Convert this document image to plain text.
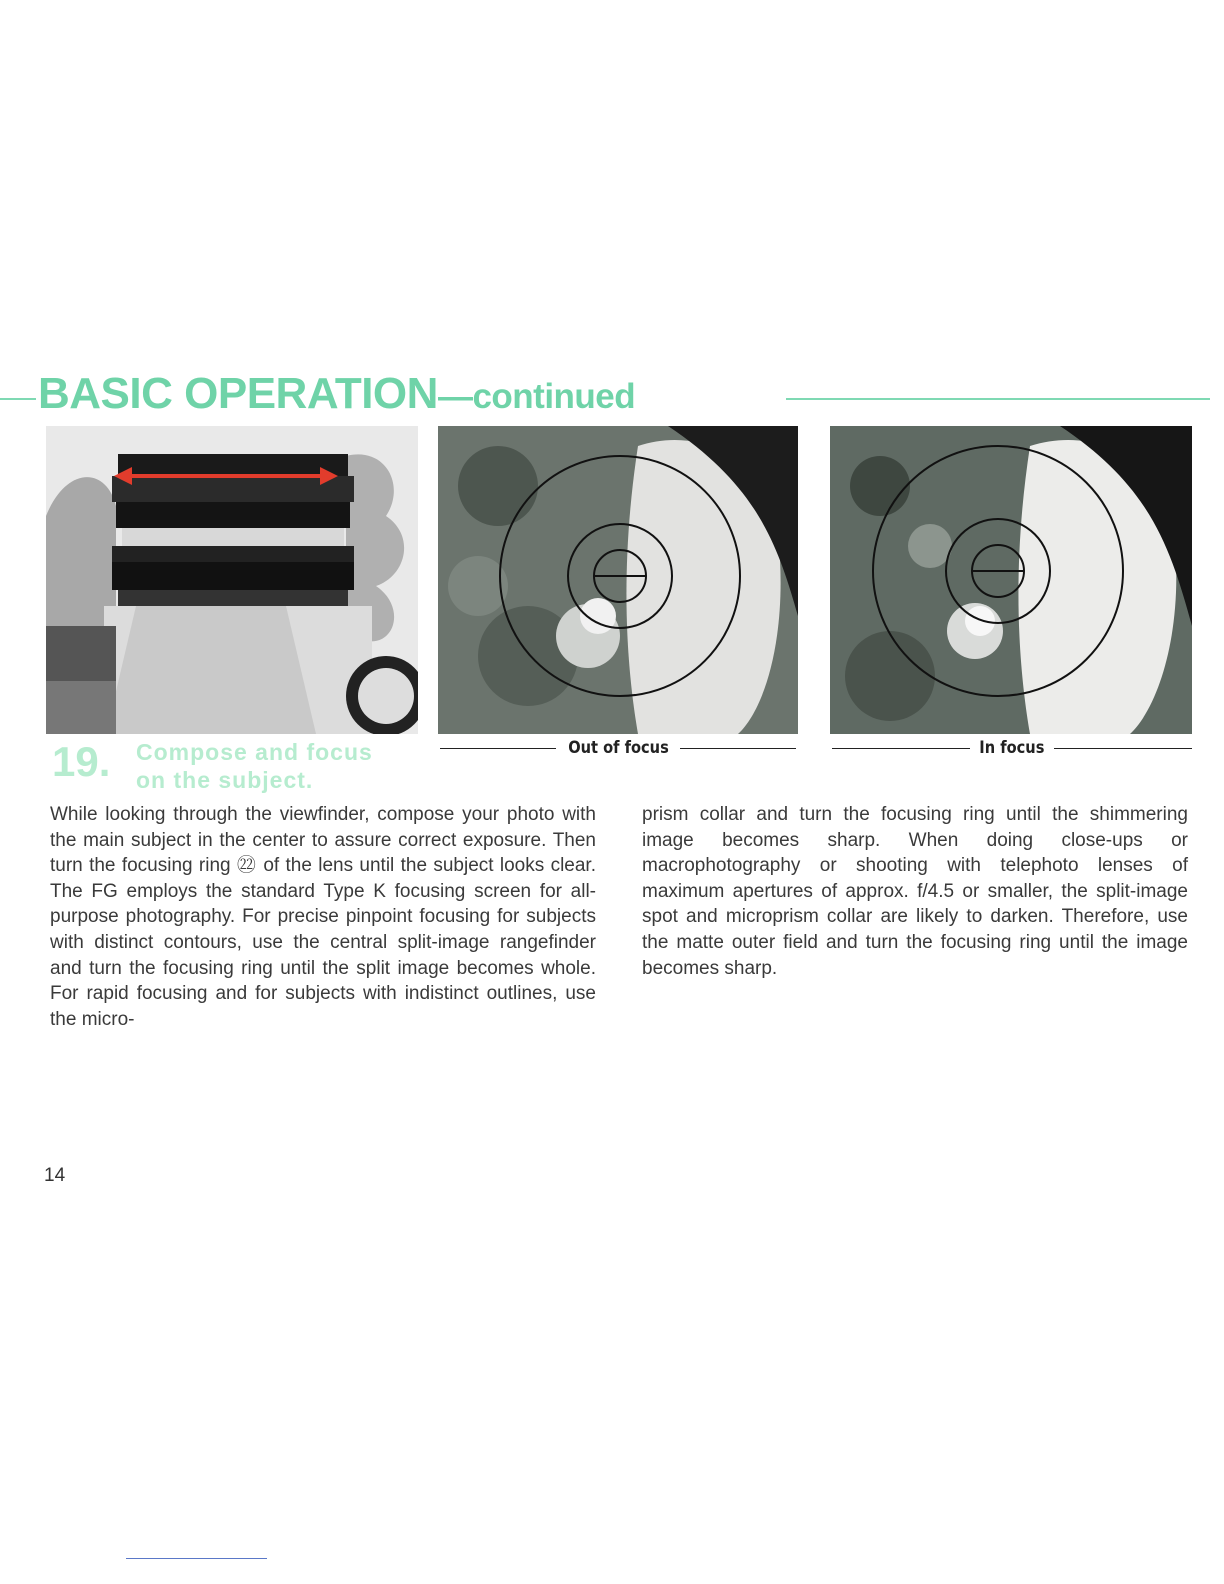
BASIC OPERATION—continued
Out of focus	In focus
19. Compose and focus
on the subject.

While looking through the viewfinder, compose your photo with the main subject in the center to assure correct exposure. Then turn the focusing ring ㉒ of the lens until the subject looks clear. The FG employs the standard Type K focusing screen for all-purpose photography. For precise pinpoint focusing for subjects with distinct contours, use the central split-image rangefinder and turn the focusing ring until the split image becomes whole. For rapid focusing and for subjects with indistinct outlines, use the micro-

prism collar and turn the focusing ring until the shimmering image becomes sharp. When doing close-ups or macrophotography or shooting with telephoto lenses of maximum apertures of approx. f/4.5 or smaller, the split-image spot and microprism collar are likely to darken. Therefore, use the matte outer field and turn the focusing ring until the image becomes sharp.

14
